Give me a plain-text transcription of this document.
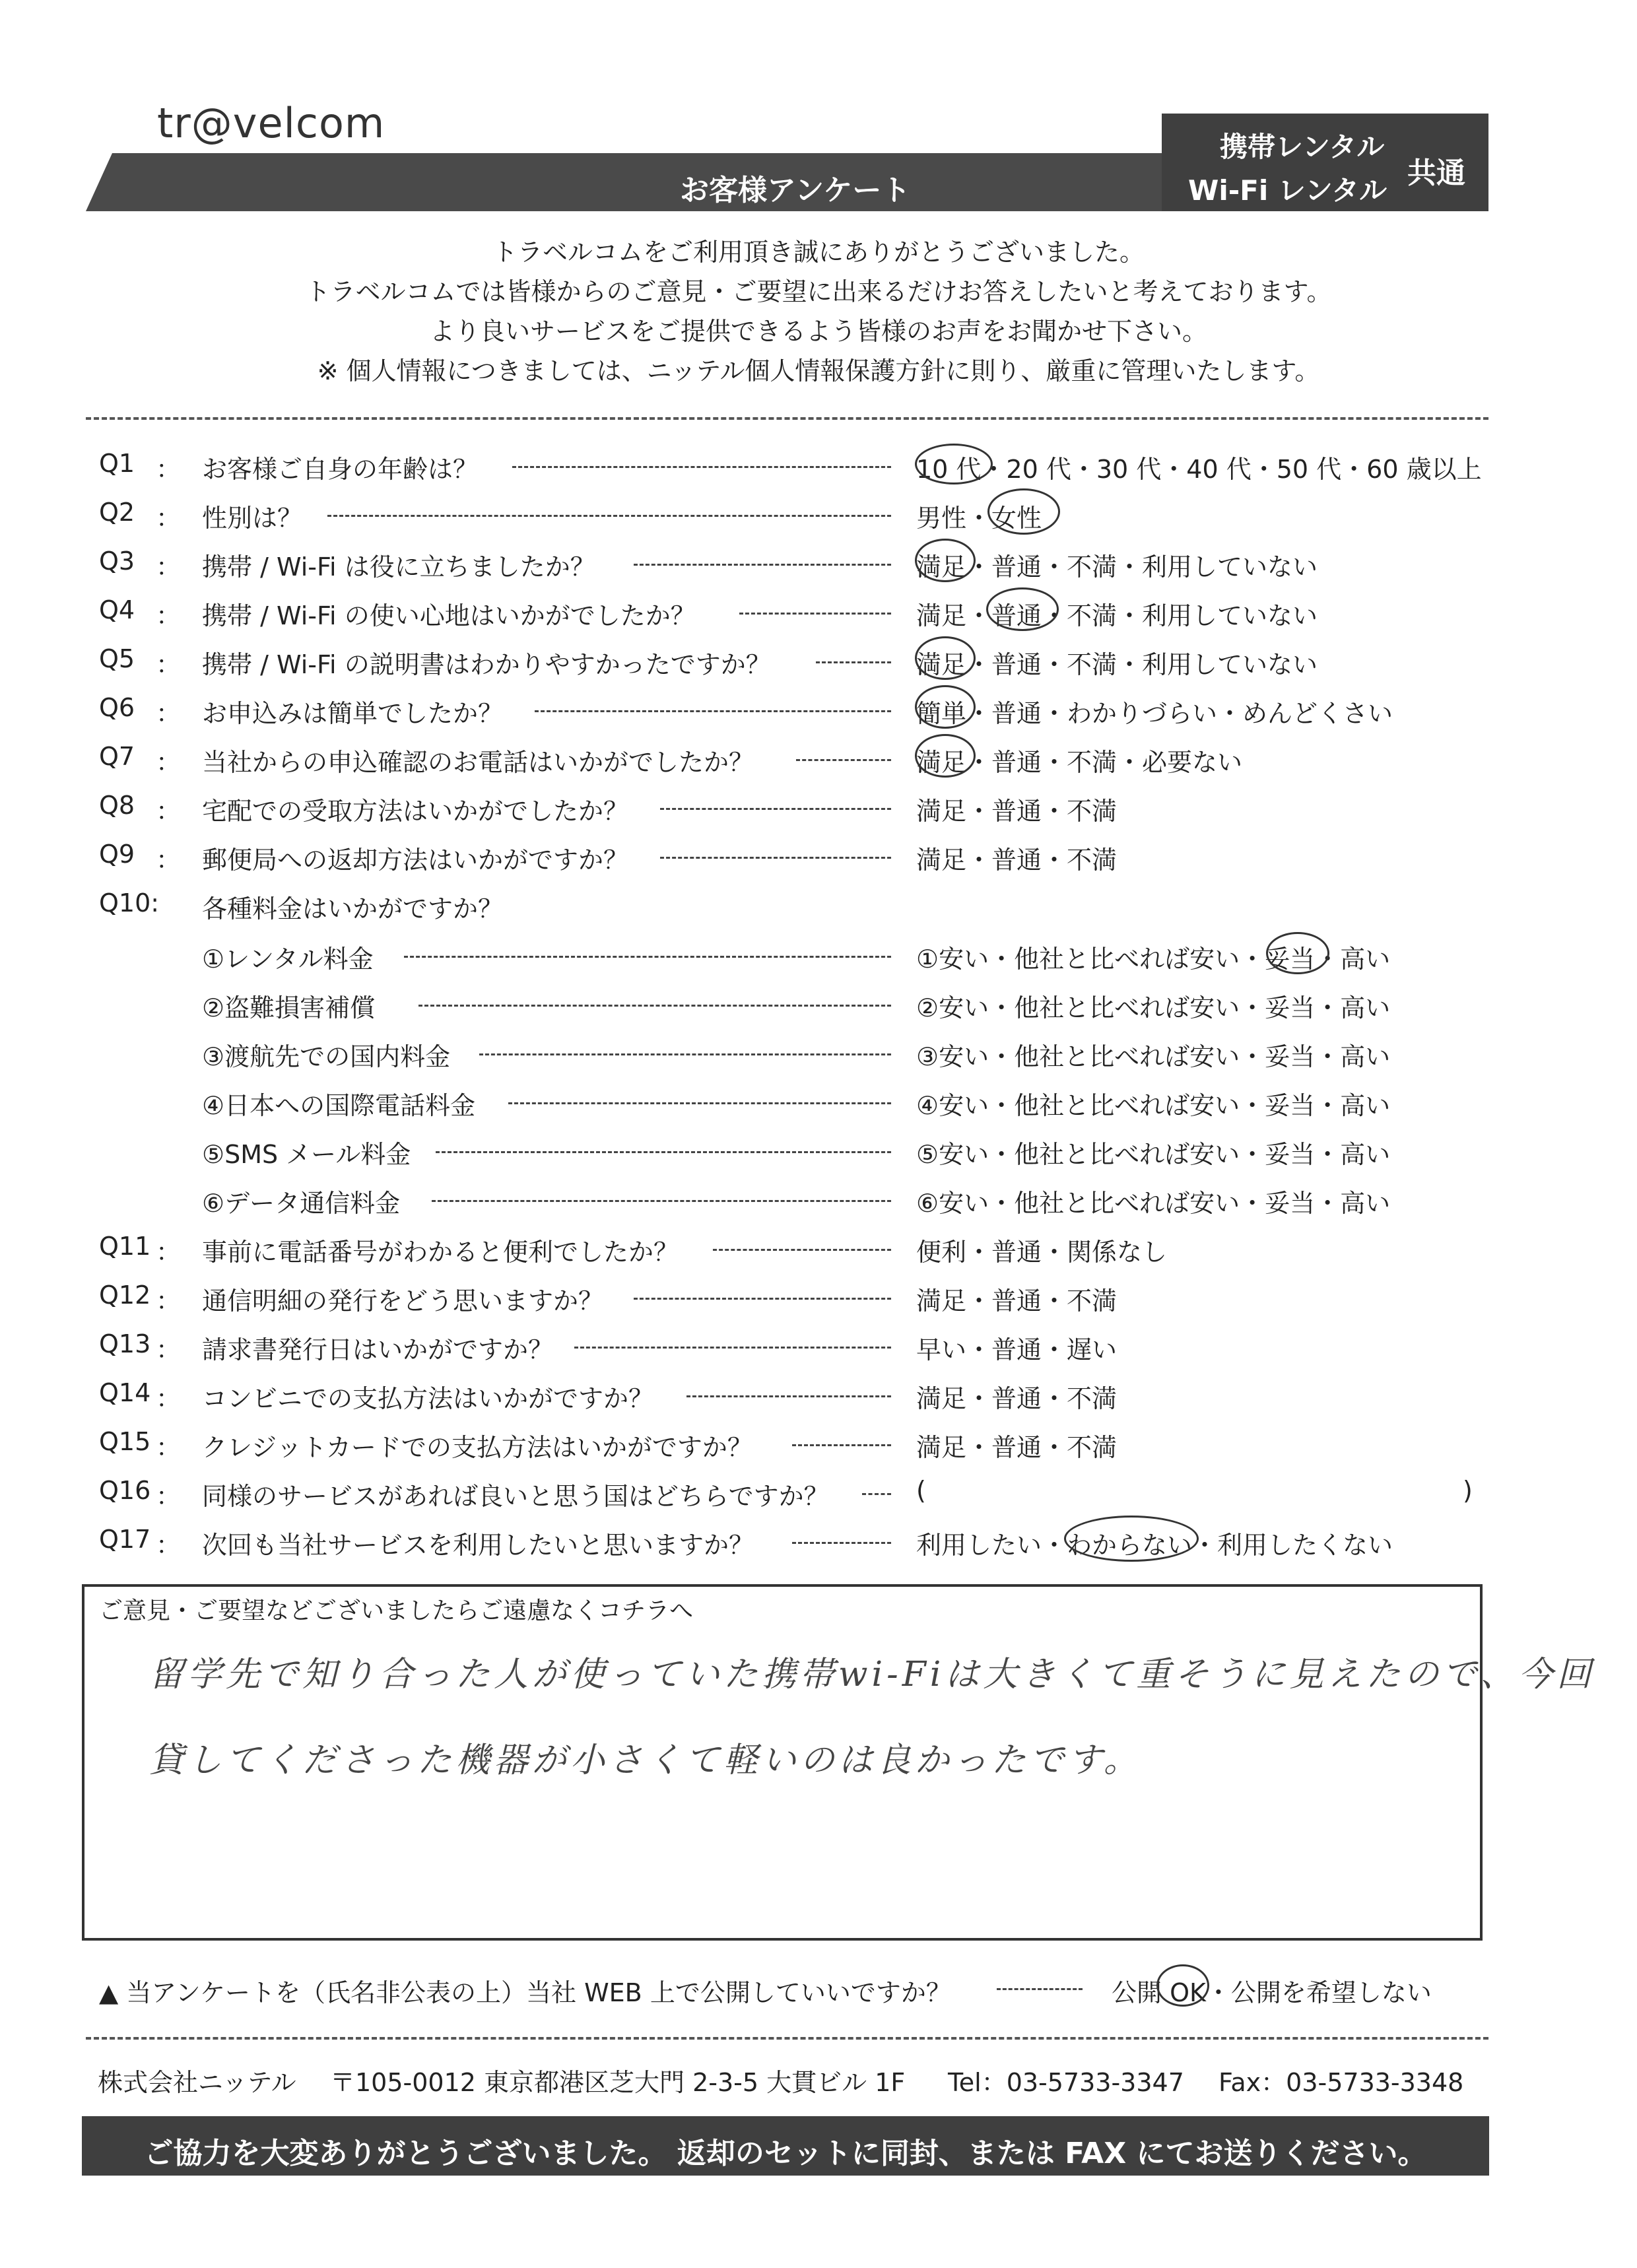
tr@velcom
お客様アンケート
携帯レンタル
Wi-Fi レンタル
共通
トラベルコムをご利用頂き誠にありがとうございました。
トラベルコムでは皆様からのご意見・ご要望に出来るだけお答えしたいと考えております。
より良いサービスをご提供できるよう皆様のお声をお聞かせ下さい。
※ 個人情報につきましては、ニッテル個人情報保護方針に則り、厳重に管理いたします。
Q1 ： お客様ご自身の年齢は？	10 代・20 代・30 代・40 代・50 代・60 歳以上
Q2 ： 性別は？	男性・女性
Q3 ： 携帯 / Wi-Fi は役に立ちましたか？	満足・普通・不満・利用していない
Q4 ： 携帯 / Wi-Fi の使い心地はいかがでしたか？	満足・普通・不満・利用していない
Q5 ： 携帯 / Wi-Fi の説明書はわかりやすかったですか？	満足・普通・不満・利用していない
Q6 ： お申込みは簡単でしたか？	簡単・普通・わかりづらい・めんどくさい
Q7 ： 当社からの申込確認のお電話はいかがでしたか？	満足・普通・不満・必要ない
Q8 ： 宅配での受取方法はいかがでしたか？	満足・普通・不満
Q9 ： 郵便局への返却方法はいかがですか？	満足・普通・不満
Q10: 各種料金はいかがですか？
①レンタル料金	①安い・他社と比べれば安い・妥当・高い
②盗難損害補償	②安い・他社と比べれば安い・妥当・高い
③渡航先での国内料金	③安い・他社と比べれば安い・妥当・高い
④日本への国際電話料金	④安い・他社と比べれば安い・妥当・高い
⑤SMS メール料金	⑤安い・他社と比べれば安い・妥当・高い
⑥データ通信料金	⑥安い・他社と比べれば安い・妥当・高い
Q11 ： 事前に電話番号がわかると便利でしたか？	便利・普通・関係なし
Q12 ： 通信明細の発行をどう思いますか？	満足・普通・不満
Q13 ： 請求書発行日はいかがですか？	早い・普通・遅い
Q14 ： コンビニでの支払方法はいかがですか？	満足・普通・不満
Q15 ： クレジットカードでの支払方法はいかがですか？	満足・普通・不満
Q16 ： 同様のサービスがあれば良いと思う国はどちらですか？	(	)
Q17 ： 次回も当社サービスを利用したいと思いますか？	利用したい・わからない・利用したくない
ご意見・ご要望などございましたらご遠慮なくコチラへ
留学先で知り合った人が使っていた携帯wi-Fiは大きくて重そうに見えたので、今回
貸してくださった機器が小さくて軽いのは良かったです。
▲ 当アンケートを（氏名非公表の上）当社 WEB 上で公開していいですか？	公開 OK・公開を希望しない
株式会社ニッテル 〒105-0012 東京都港区芝大門 2-3-5 大貫ビル 1F Tel：03-5733-3347 Fax：03-5733-3348
ご協力を大変ありがとうございました。 返却のセットに同封、または FAX にてお送りください。
